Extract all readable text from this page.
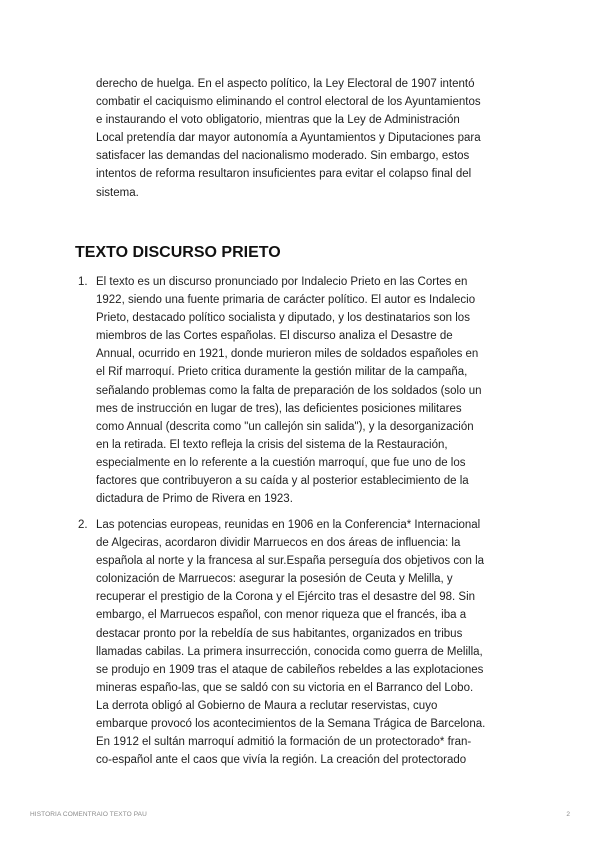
derecho de huelga. En el aspecto político, la Ley Electoral de 1907 intentó
combatir el caciquismo eliminando el control electoral de los Ayuntamientos
e instaurando el voto obligatorio, mientras que la Ley de Administración
Local pretendía dar mayor autonomía a Ayuntamientos y Diputaciones para
satisfacer las demandas del nacionalismo moderado. Sin embargo, estos
intentos de reforma resultaron insuficientes para evitar el colapso final del
sistema.
TEXTO DISCURSO PRIETO
1. El texto es un discurso pronunciado por Indalecio Prieto en las Cortes en
1922, siendo una fuente primaria de carácter político. El autor es Indalecio
Prieto, destacado político socialista y diputado, y los destinatarios son los
miembros de las Cortes españolas. El discurso analiza el Desastre de
Annual, ocurrido en 1921, donde murieron miles de soldados españoles en
el Rif marroquí. Prieto critica duramente la gestión militar de la campaña,
señalando problemas como la falta de preparación de los soldados (solo un
mes de instrucción en lugar de tres), las deficientes posiciones militares
como Annual (descrita como "un callejón sin salida"), y la desorganización
en la retirada. El texto refleja la crisis del sistema de la Restauración,
especialmente en lo referente a la cuestión marroquí, que fue uno de los
factores que contribuyeron a su caída y al posterior establecimiento de la
dictadura de Primo de Rivera en 1923.
2. Las potencias europeas, reunidas en 1906 en la Conferencia* Internacional
de Algeciras, acordaron dividir Marruecos en dos áreas de influencia: la
española al norte y la francesa al sur.España perseguía dos objetivos con la
colonización de Marruecos: asegurar la posesión de Ceuta y Melilla, y
recuperar el prestigio de la Corona y el Ejército tras el desastre del 98. Sin
embargo, el Marruecos español, con menor riqueza que el francés, iba a
destacar pronto por la rebeldía de sus habitantes, organizados en tribus
llamadas cabilas. La primera insurrección, conocida como guerra de Melilla,
se produjo en 1909 tras el ataque de cabileños rebeldes a las explotaciones
mineras españo-las, que se saldó con su victoria en el Barranco del Lobo.
La derrota obligó al Gobierno de Maura a reclutar reservistas, cuyo
embarque provocó los acontecimientos de la Semana Trágica de Barcelona.
En 1912 el sultán marroquí admitió la formación de un protectorado* fran-
co-español ante el caos que vivía la región. La creación del protectorado
HISTORIA COMENTRAIO TEXTO PAU	2
